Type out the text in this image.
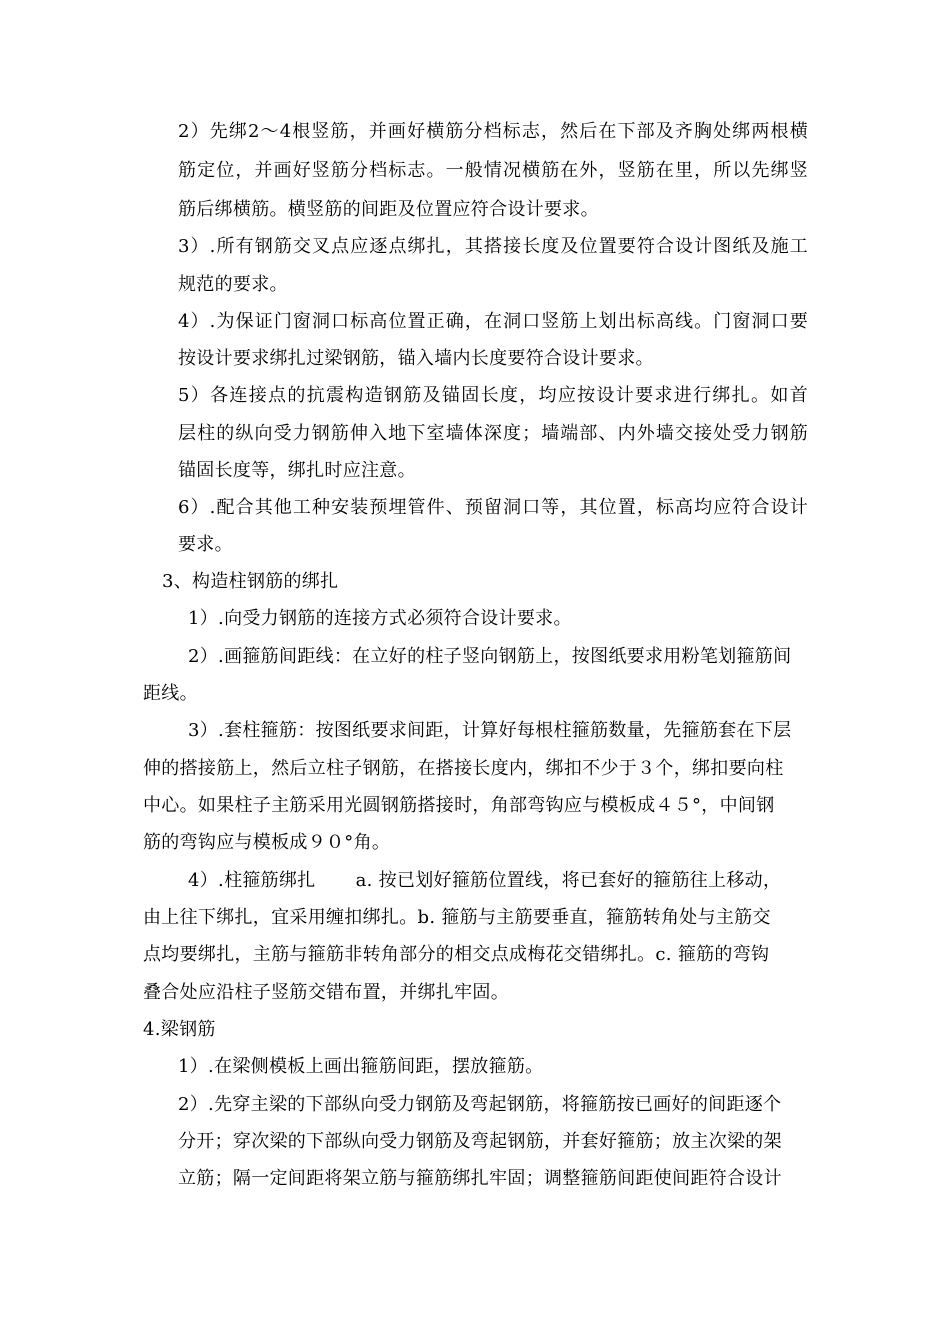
2）先绑2～4根竖筋，并画好横筋分档标志，然后在下部及齐胸处绑两根横
筋定位，并画好竖筋分档标志。一般情况横筋在外，竖筋在里，所以先绑竖
筋后绑横筋。横竖筋的间距及位置应符合设计要求。
3）.所有钢筋交叉点应逐点绑扎，其搭接长度及位置要符合设计图纸及施工
规范的要求。
4）.为保证门窗洞口标高位置正确，在洞口竖筋上划出标高线。门窗洞口要
按设计要求绑扎过梁钢筋，锚入墙内长度要符合设计要求。
5）各连接点的抗震构造钢筋及锚固长度，均应按设计要求进行绑扎。如首
层柱的纵向受力钢筋伸入地下室墙体深度；墙端部、内外墙交接处受力钢筋
锚固长度等，绑扎时应注意。
6）.配合其他工种安装预埋管件、预留洞口等，其位置，标高均应符合设计
要求。
3、构造柱钢筋的绑扎
1）.向受力钢筋的连接方式必须符合设计要求。
2）.画箍筋间距线：在立好的柱子竖向钢筋上，按图纸要求用粉笔划箍筋间
距线。
3）.套柱箍筋：按图纸要求间距，计算好每根柱箍筋数量，先箍筋套在下层
伸的搭接筋上，然后立柱子钢筋，在搭接长度内，绑扣不少于３个，绑扣要向柱
中心。如果柱子主筋采用光圆钢筋搭接时，角部弯钩应与模板成４５°，中间钢
筋的弯钩应与模板成９０°角。
4）.柱箍筋绑扎 a. 按已划好箍筋位置线，将已套好的箍筋往上移动，
由上往下绑扎，宜采用缠扣绑扎。b. 箍筋与主筋要垂直，箍筋转角处与主筋交
点均要绑扎，主筋与箍筋非转角部分的相交点成梅花交错绑扎。c. 箍筋的弯钩
叠合处应沿柱子竖筋交错布置，并绑扎牢固。
4.梁钢筋
1）.在梁侧模板上画出箍筋间距，摆放箍筋。
2）.先穿主梁的下部纵向受力钢筋及弯起钢筋，将箍筋按已画好的间距逐个
分开；穿次梁的下部纵向受力钢筋及弯起钢筋，并套好箍筋；放主次梁的架
立筋；隔一定间距将架立筋与箍筋绑扎牢固；调整箍筋间距使间距符合设计
